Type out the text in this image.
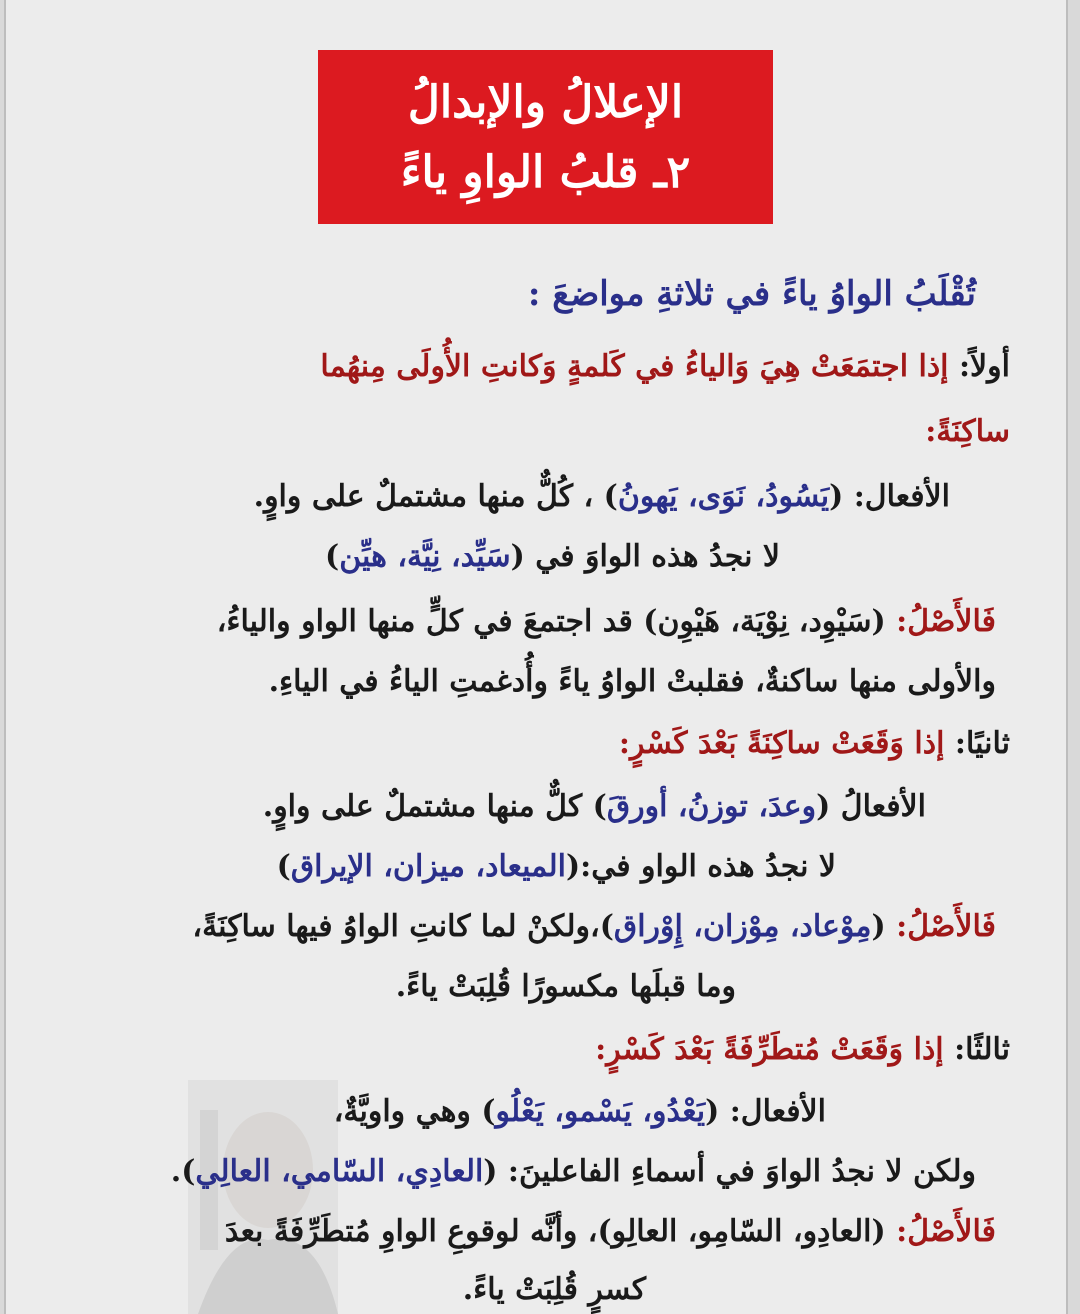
الإعلالُ والإبدالُ
٢ـ قلبُ الواوِ ياءً
تُقْلَبُ الواوُ ياءً في ثلاثةِ مواضعَ :
أولاً: إذا اجتمَعَتْ هِيَ وَالياءُ في كَلمةٍ وَكانتِ الأُولَى مِنهُما
ساكِنَةً:
الأفعال: (يَسُودُ، نَوَى، يَهونُ) ، كُلٌّ منها مشتملٌ على واوٍ.
لا نجدُ هذه الواوَ في (سَيِّد، نِيَّة، هيِّن)
فَالأَصْلُ: (سَيْوِد، نِوْيَة، هَيْوِن) قد اجتمعَ في كلٍّ منها الواو والياءُ،
والأولى منها ساكنةٌ، فقلبتْ الواوُ ياءً وأُدغمتِ الياءُ في الياءِ.
ثانيًا: إذا وَقَعَتْ ساكِنَةً بَعْدَ كَسْرٍ:
الأفعالُ (وعدَ، توزنُ، أورقَ) كلٌّ منها مشتملٌ على واوٍ.
لا نجدُ هذه الواو في:(الميعاد، ميزان، الإيراق)
فَالأَصْلُ: (مِوْعاد، مِوْزان، إِوْراق)،ولكنْ لما كانتِ الواوُ فيها ساكِنَةً،
وما قبلَها مكسورًا قُلِبَتْ ياءً.
ثالثًا: إذا وَقَعَتْ مُتطَرِّفَةً بَعْدَ كَسْرٍ:
الأفعال: (يَعْدُو، يَسْمو، يَعْلُو) وهي واويَّةٌ،
ولكن لا نجدُ الواوَ في أسماءِ الفاعلينَ: (العادِي، السّامي، العالِي).
فَالأَصْلُ: (العادِو، السّامِو، العالِو)، وأنَّه لوقوعِ الواوِ مُتطَرِّفَةً بعدَ
كسرٍ قُلِبَتْ ياءً.
